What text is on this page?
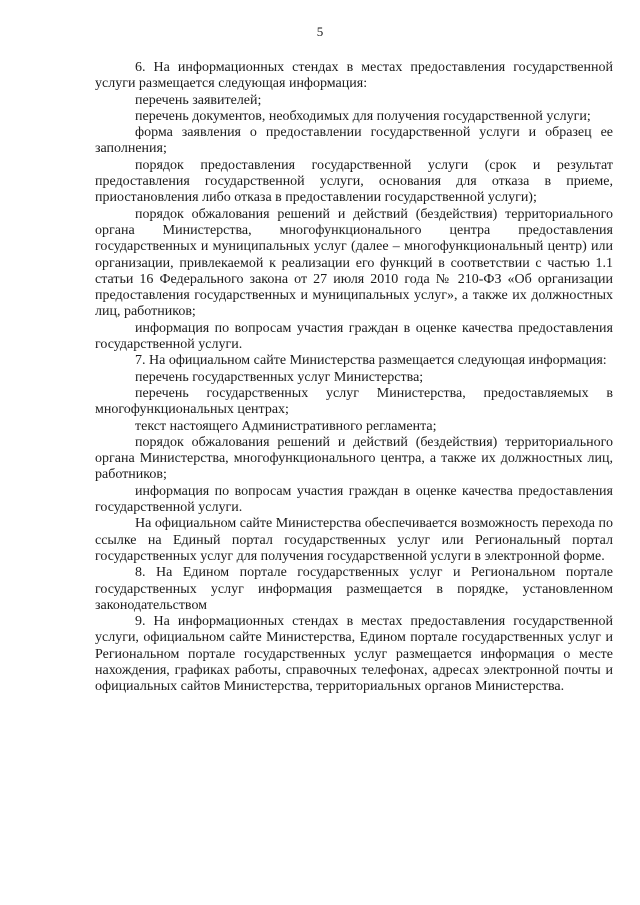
5

6. На информационных стендах в местах предоставления государственной услуги размещается следующая информация:

перечень заявителей;

перечень документов, необходимых для получения государственной услуги;

форма заявления о предоставлении государственной услуги и образец ее заполнения;

порядок предоставления государственной услуги (срок и результат предоставления государственной услуги, основания для отказа в приеме, приостановления либо отказа в предоставлении государственной услуги);

порядок обжалования решений и действий (бездействия) территориального органа Министерства, многофункционального центра предоставления государственных и муниципальных услуг (далее – многофункциональный центр) или организации, привлекаемой к реализации его функций в соответствии с частью 1.1 статьи 16 Федерального закона от 27 июля 2010 года № 210-ФЗ «Об организации предоставления государственных и муниципальных услуг», а также их должностных лиц, работников;

информация по вопросам участия граждан в оценке качества предоставления государственной услуги.

7. На официальном сайте Министерства размещается следующая информация:

перечень государственных услуг Министерства;

перечень государственных услуг Министерства, предоставляемых в многофункциональных центрах;

текст настоящего Административного регламента;

порядок обжалования решений и действий (бездействия) территориального органа Министерства, многофункционального центра, а также их должностных лиц, работников;

информация по вопросам участия граждан в оценке качества предоставления государственной услуги.

На официальном сайте Министерства обеспечивается возможность перехода по ссылке на Единый портал государственных услуг или Региональный портал государственных услуг для получения государственной услуги в электронной форме.

8. На Едином портале государственных услуг и Региональном портале государственных услуг информация размещается в порядке, установленном законодательством

9. На информационных стендах в местах предоставления государственной услуги, официальном сайте Министерства, Едином портале государственных услуг и Региональном портале государственных услуг размещается информация о месте нахождения, графиках работы, справочных телефонах, адресах электронной почты и официальных сайтов Министерства, территориальных органов Министерства.
